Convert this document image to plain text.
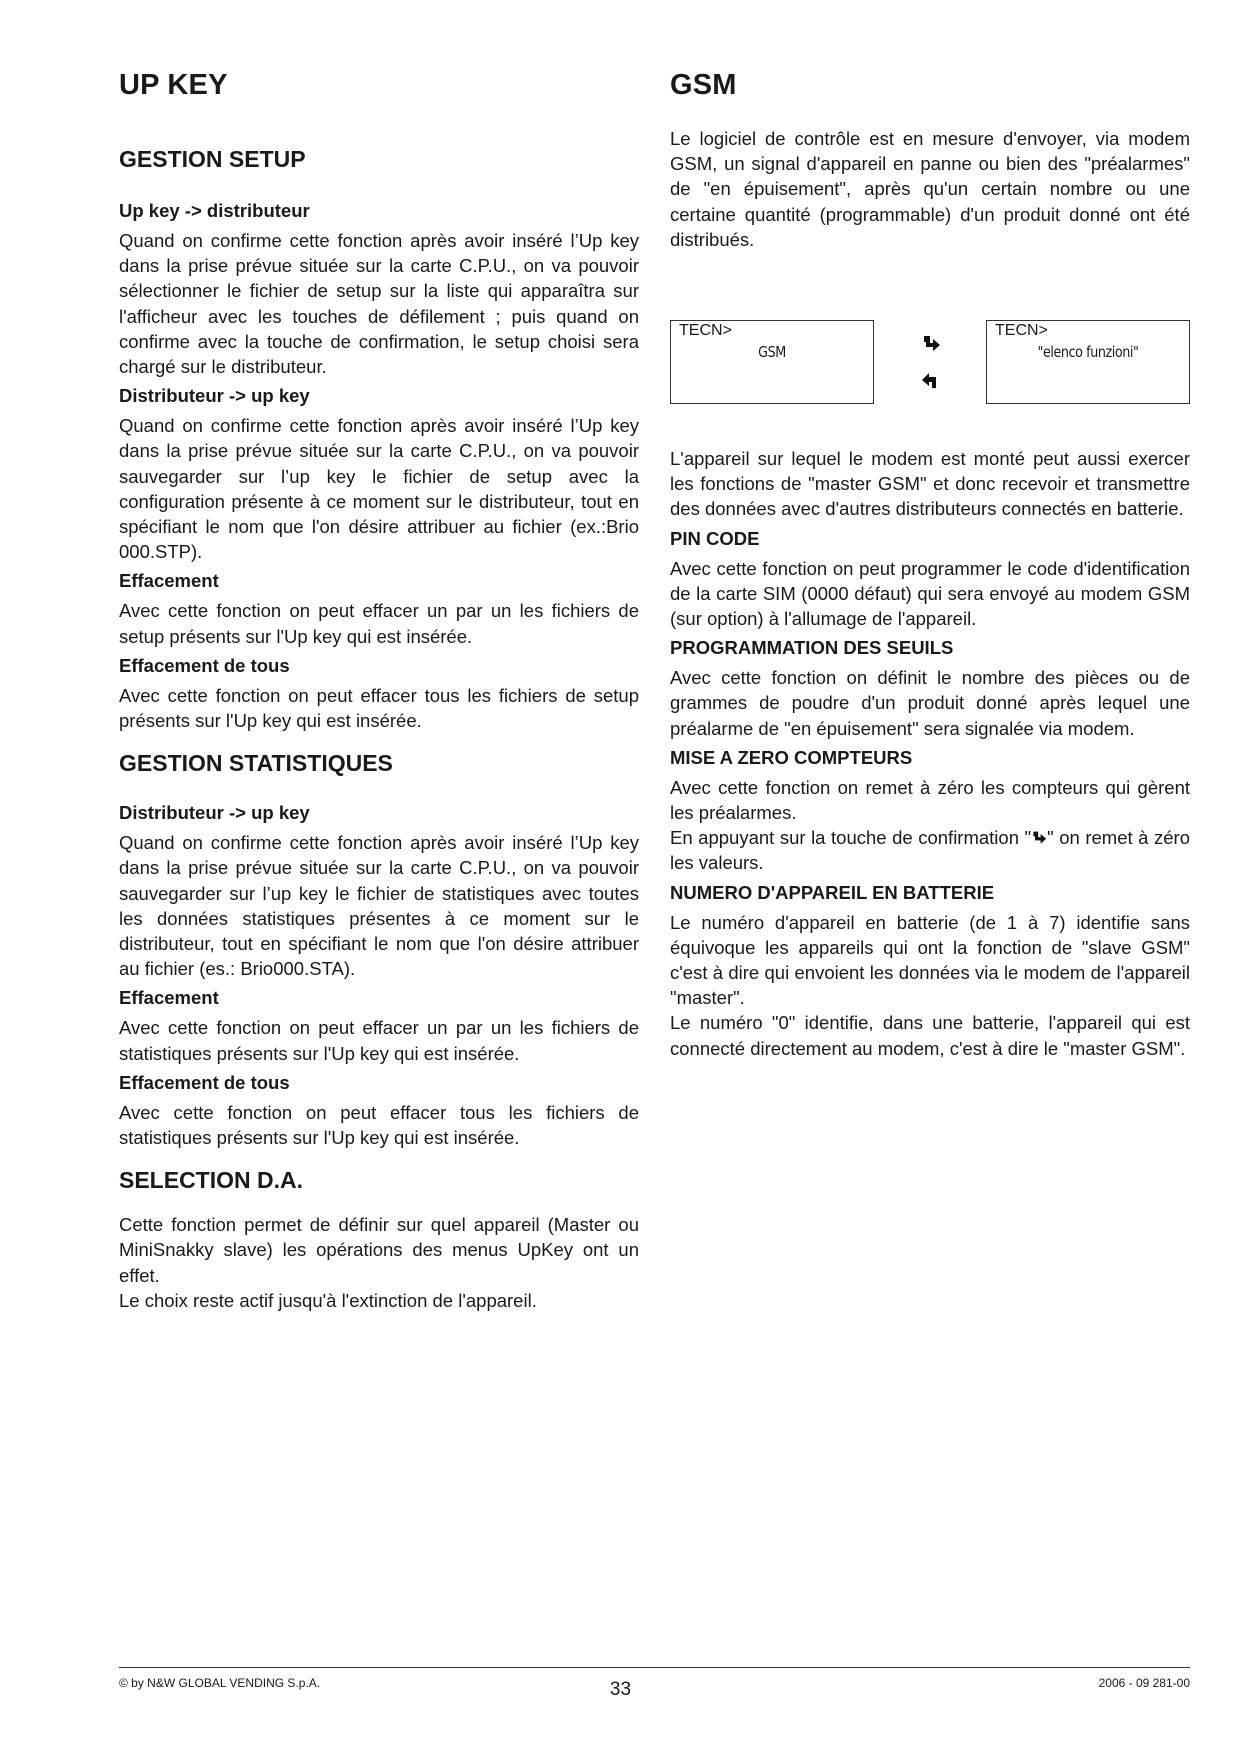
UP KEY
GESTION SETUP
Up key -> distributeur

Quand on confirme cette fonction après avoir inséré l’Up key dans la prise prévue située sur la carte C.P.U., on va pouvoir sélectionner le fichier de setup sur la liste qui apparaîtra sur l'afficheur avec les touches de défilement ; puis quand on confirme avec la touche de confirmation, le setup choisi sera chargé sur le distributeur.

Distributeur -> up key

Quand on confirme cette fonction après avoir inséré l’Up key dans la prise prévue située sur la carte C.P.U., on va pouvoir sauvegarder sur l’up key le fichier de setup avec la configuration présente à ce moment sur le distributeur, tout en spécifiant le nom que l'on désire attribuer au fichier (ex.:Brio 000.STP).

Effacement

Avec cette fonction on peut effacer un par un les fichiers de setup présents sur l'Up key qui est insérée.

Effacement de tous

Avec cette fonction on peut effacer tous les fichiers de setup présents sur l'Up key qui est insérée.

GESTION STATISTIQUES
Distributeur -> up key

Quand on confirme cette fonction après avoir inséré l’Up key dans la prise prévue située sur la carte C.P.U., on va pouvoir sauvegarder sur l’up key le fichier de statistiques avec toutes les données statistiques présentes à ce moment sur le distributeur, tout en spécifiant le nom que l'on désire attribuer au fichier (es.: Brio000.STA).

Effacement

Avec cette fonction on peut effacer un par un les fichiers de statistiques présents sur l'Up key qui est insérée.

Effacement de tous

Avec cette fonction on peut effacer tous les fichiers de statistiques présents sur l'Up key qui est insérée.

SELECTION D.A.

Cette fonction permet de définir sur quel appareil (Master ou MiniSnakky slave) les opérations des menus UpKey ont un effet.
Le choix reste actif jusqu'à l'extinction de l'appareil.

GSM

Le logiciel de contrôle est en mesure d'envoyer, via modem GSM, un signal d'appareil en panne ou bien des "préalarmes" de "en épuisement", après qu'un certain nombre ou une certaine quantité (programmable) d'un produit donné ont été distribués.

TECN>
GSM
TECN>
"elenco funzioni"

L'appareil sur lequel le modem est monté peut aussi exercer les fonctions de "master GSM" et donc recevoir et transmettre des données avec d'autres distributeurs connectés en batterie.

PIN CODE

Avec cette fonction on peut programmer le code d'identification de la carte SIM (0000 défaut) qui sera envoyé au modem GSM (sur option) à l'allumage de l'appareil.

PROGRAMMATION DES SEUILS

Avec cette fonction on définit le nombre des pièces ou de grammes de poudre d'un produit donné après lequel une préalarme de "en épuisement" sera signalée via modem.

MISE A ZERO COMPTEURS

Avec cette fonction on remet à zéro les compteurs qui gèrent les préalarmes.

En appuyant sur la touche de confirmation " " on remet à zéro les valeurs.

NUMERO D'APPAREIL EN BATTERIE

Le numéro d'appareil en batterie (de 1 à 7) identifie sans équivoque les appareils qui ont la fonction de "slave GSM" c'est à dire qui envoient les données via le modem de l'appareil "master".
Le numéro "0" identifie, dans une batterie, l'appareil qui est connecté directement au modem, c'est à dire le "master GSM".

© by N&W GLOBAL VENDING S.p.A.	33	2006 - 09 281-00
